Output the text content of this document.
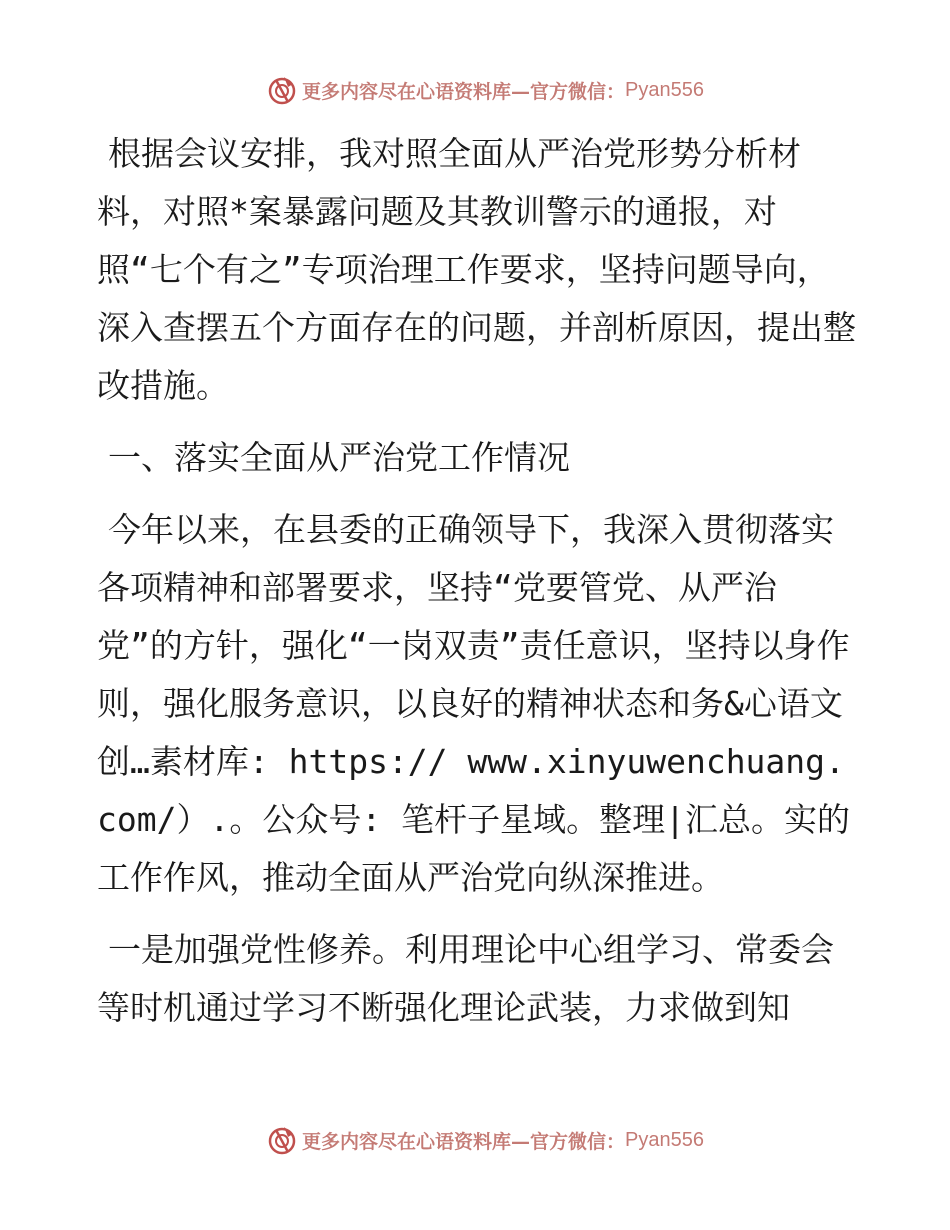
更多内容尽在心语资料库—官方微信： Pyan556

根据会议安排，我对照全面从严治党形势分析材料，对照*案暴露问题及其教训警示的通报，对照“七个有之”专项治理工作要求，坚持问题导向，深入查摆五个方面存在的问题，并剖析原因，提出整改措施。

一、落实全面从严治党工作情况

今年以来，在县委的正确领导下，我深入贯彻落实各项精神和部署要求，坚持“党要管党、从严治党”的方针，强化“一岗双责”责任意识，坚持以身作则，强化服务意识，以良好的精神状态和务&心语文创…素材库: https:// www.xinyuwenchuang.com/）.。公众号: 笔杆子星域。整理|汇总。实的工作作风，推动全面从严治党向纵深推进。

一是加强党性修养。利用理论中心组学习、常委会等时机通过学习不断强化理论武装，力求做到知

更多内容尽在心语资料库—官方微信： Pyan556
